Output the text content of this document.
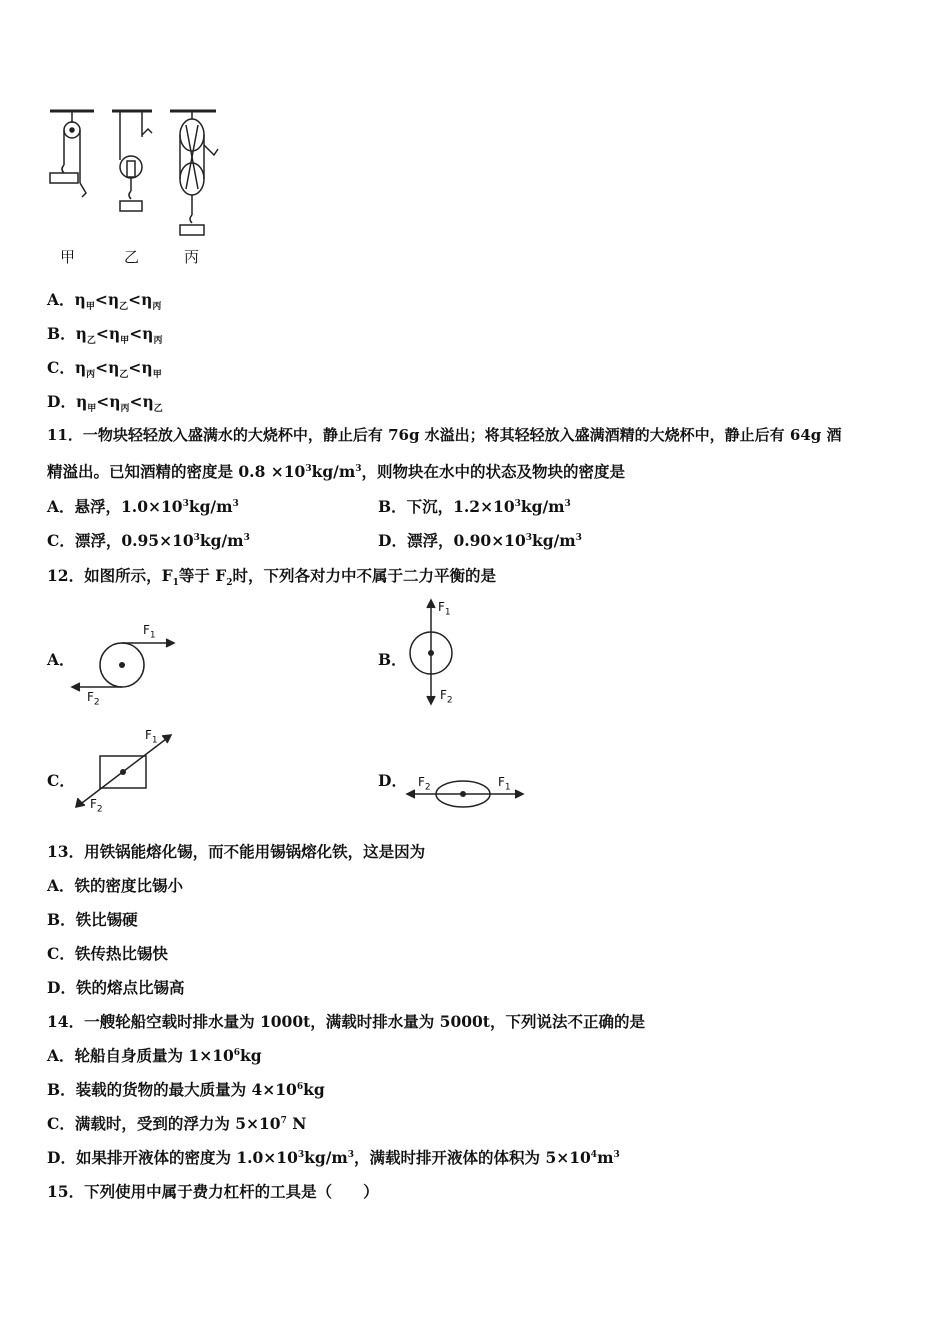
甲	乙	丙
A．$\eta_甲<\eta_乙<\eta_丙$
B．$\eta_乙<\eta_甲<\eta_丙$
C．$\eta_丙<\eta_乙<\eta_甲$
D．$\eta_甲<\eta_丙<\eta_乙$
11．一物块轻轻放入盛满水的大烧杯中，静止后有 76g 水溢出；将其轻轻放入盛满酒精的大烧杯中，静止后有 64g 酒
精溢出。已知酒精的密度是 $0.8 \times 10^3kg/m^3$，则物块在水中的状态及物块的密度是
A．悬浮，$1.0\times 10^3kg/m^3$	B．下沉，$1.2\times 10^3kg/m^3$
C．漂浮，$0.95\times 10^3kg/m^3$	D．漂浮，$0.90\times 10^3kg/m^3$
12．如图所示，$F_1$等于 $F_2$时，下列各对力中不属于二力平衡的是
A．
$F_1$
$F_2$
B．
$F_1$
$F_2$
C．
$F_1$
$F_2$
D． $F_2$	$F_1$
13．用铁锅能熔化锡，而不能用锡锅熔化铁，这是因为
A．铁的密度比锡小
B．铁比锡硬
C．铁传热比锡快
D．铁的熔点比锡高
14．一艘轮船空载时排水量为 1000t，满载时排水量为 5000t，下列说法不正确的是
A．轮船自身质量为 $1\times 10^6kg$
B．装载的货物的最大质量为 $4\times 10^6kg$
C．满载时，受到的浮力为 $5\times 10^7$ N
D．如果排开液体的密度为 $1.0\times 10^3kg/m^3$，满载时排开液体的体积为 $5\times 10^4m^3$
15．下列使用中属于费力杠杆的工具是（　　）
